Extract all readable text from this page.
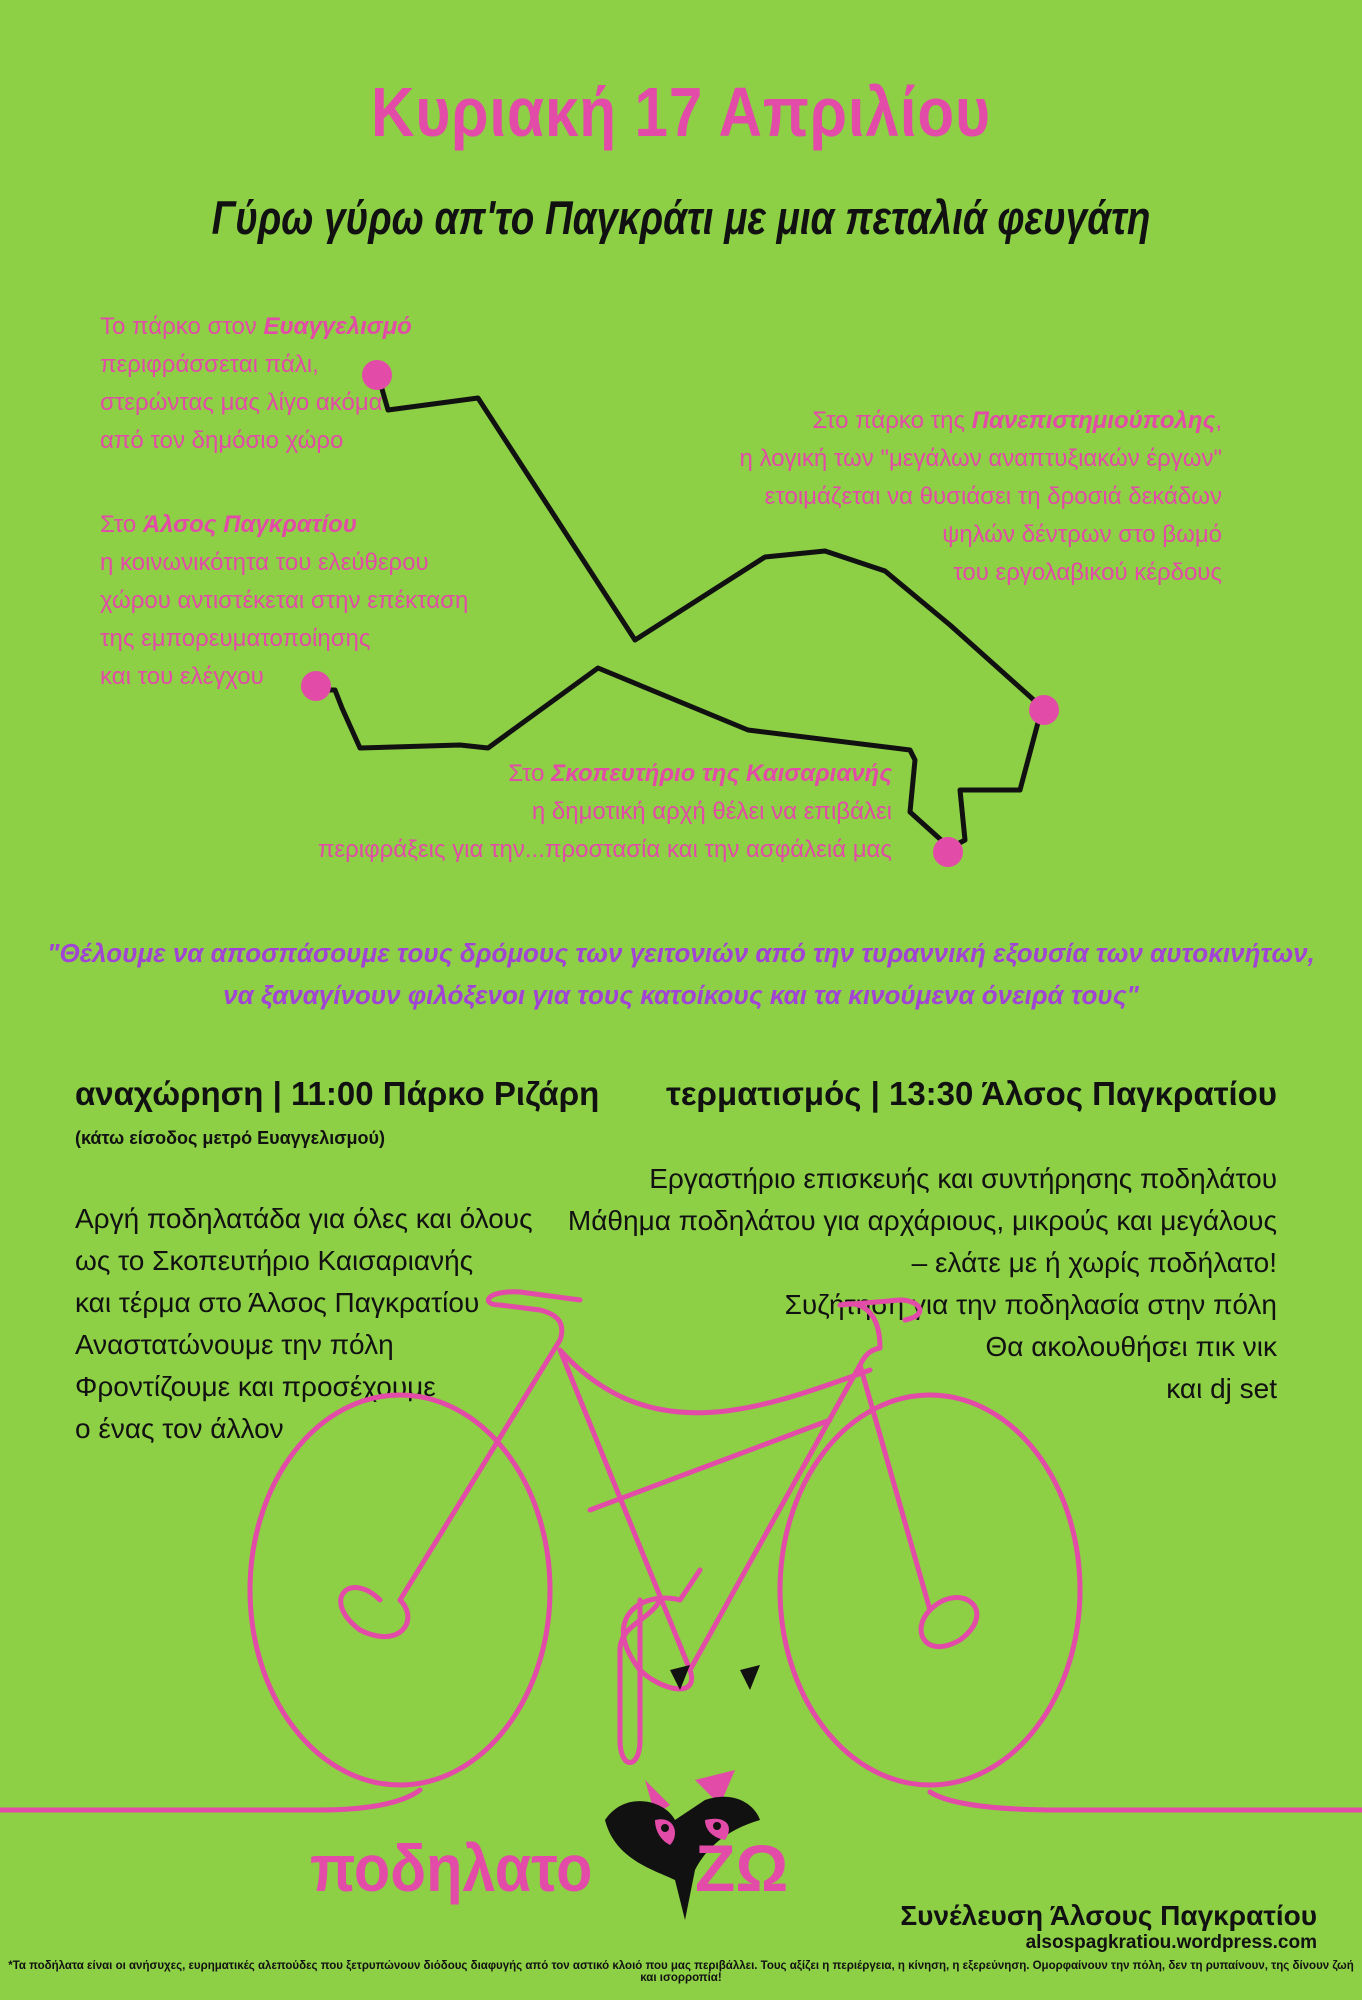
Κυριακή 17 Απριλίου
Γύρω γύρω απ'το Παγκράτι με μια πεταλιά φευγάτη
Το πάρκο στον Ευαγγελισμό
περιφράσσεται πάλι,
στερώντας μας λίγο ακόμα
από τον δημόσιο χώρο
Στο Άλσος Παγκρατίου
η κοινωνικότητα του ελεύθερου
χώρου αντιστέκεται στην επέκταση
της εμπορευματοποίησης
και του ελέγχου
Στο πάρκο της Πανεπιστημιούπολης,
η λογική των "μεγάλων αναπτυξιακών έργων"
ετοιμάζεται να θυσιάσει τη δροσιά δεκάδων
ψηλών δέντρων στο βωμό
του εργολαβικού κέρδους
Στο Σκοπευτήριο της Καισαριανής
η δημοτική αρχή θέλει να επιβάλει
περιφράξεις για την...προστασία και την ασφάλειά μας
"Θέλουμε να αποσπάσουμε τους δρόμους των γειτονιών από την τυραννική εξουσία των αυτοκινήτων,
να ξαναγίνουν φιλόξενοι για τους κατοίκους και τα κινούμενα όνειρά τους"
αναχώρηση | 11:00 Πάρκο Ριζάρη
(κάτω είσοδος μετρό Ευαγγελισμού)
Αργή ποδηλατάδα για όλες και όλους
ως το Σκοπευτήριο Καισαριανής
και τέρμα στο Άλσος Παγκρατίου
Αναστατώνουμε την πόλη
Φροντίζουμε και προσέχουμε
ο ένας τον άλλον
τερματισμός | 13:30 Άλσος Παγκρατίου
Εργαστήριο επισκευής και συντήρησης ποδηλάτου
Μάθημα ποδηλάτου για αρχάριους, μικρούς και μεγάλους
– ελάτε με ή χωρίς ποδήλατο!
Συζήτηση για την ποδηλασία στην πόλη
Θα ακολουθήσει πικ νικ
και dj set
ποδηλατο ΖΩ
Συνέλευση Άλσους Παγκρατίου
alsospagkratiou.wordpress.com
*Τα ποδήλατα είναι οι ανήσυχες, ευρηματικές αλεπούδες που ξετρυπώνουν διόδους διαφυγής από τον αστικό κλοιό που μας περιβάλλει. Τους αξίζει η περιέργεια, η κίνηση, η εξερεύνηση. Ομορφαίνουν την πόλη, δεν τη ρυπαίνουν, της δίνουν ζωή και ισορροπία!
